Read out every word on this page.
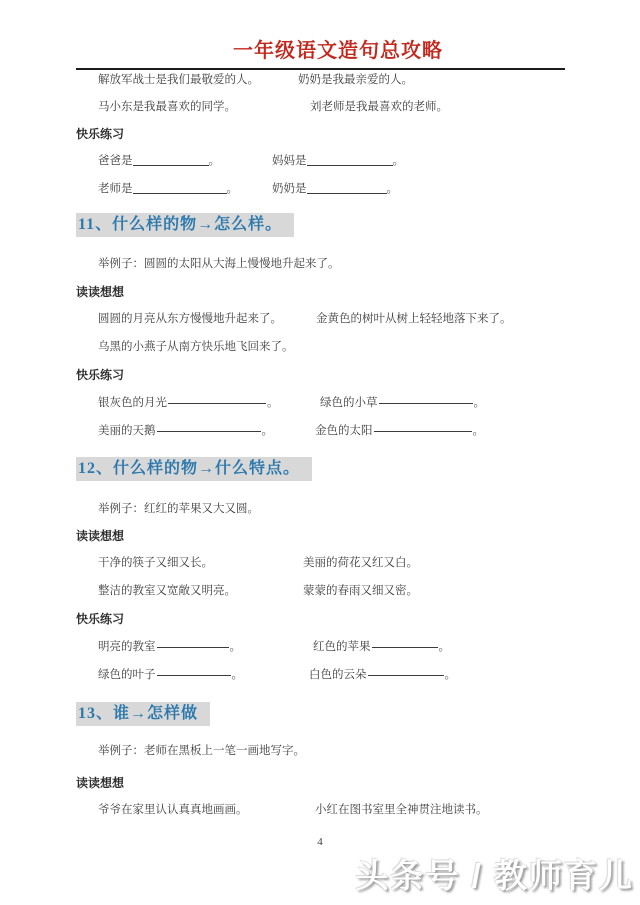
一年级语文造句总攻略
解放军战士是我们最敬爱的人。	奶奶是我最亲爱的人。
马小东是我最喜欢的同学。	刘老师是我最喜欢的老师。
快乐练习
爸爸是	。	妈妈是	。
老师是	。	奶奶是	。
11、什么样的物→怎么样。
举例子：圆圆的太阳从大海上慢慢地升起来了。
读读想想
圆圆的月亮从东方慢慢地升起来了。	金黄色的树叶从树上轻轻地落下来了。
乌黑的小燕子从南方快乐地飞回来了。
快乐练习
银灰色的月光	。	绿色的小草	。
美丽的天鹅	。	金色的太阳	。
12、什么样的物→什么特点。
举例子：红红的苹果又大又圆。
读读想想
干净的筷子又细又长。	美丽的荷花又红又白。
整洁的教室又宽敞又明亮。	蒙蒙的春雨又细又密。
快乐练习
明亮的教室	。	红色的苹果	。
绿色的叶子	。	白色的云朵	。
13、谁→怎样做
举例子：老师在黑板上一笔一画地写字。
读读想想
爷爷在家里认认真真地画画。	小红在图书室里全神贯注地读书。
4
头条号 / 教师育儿
